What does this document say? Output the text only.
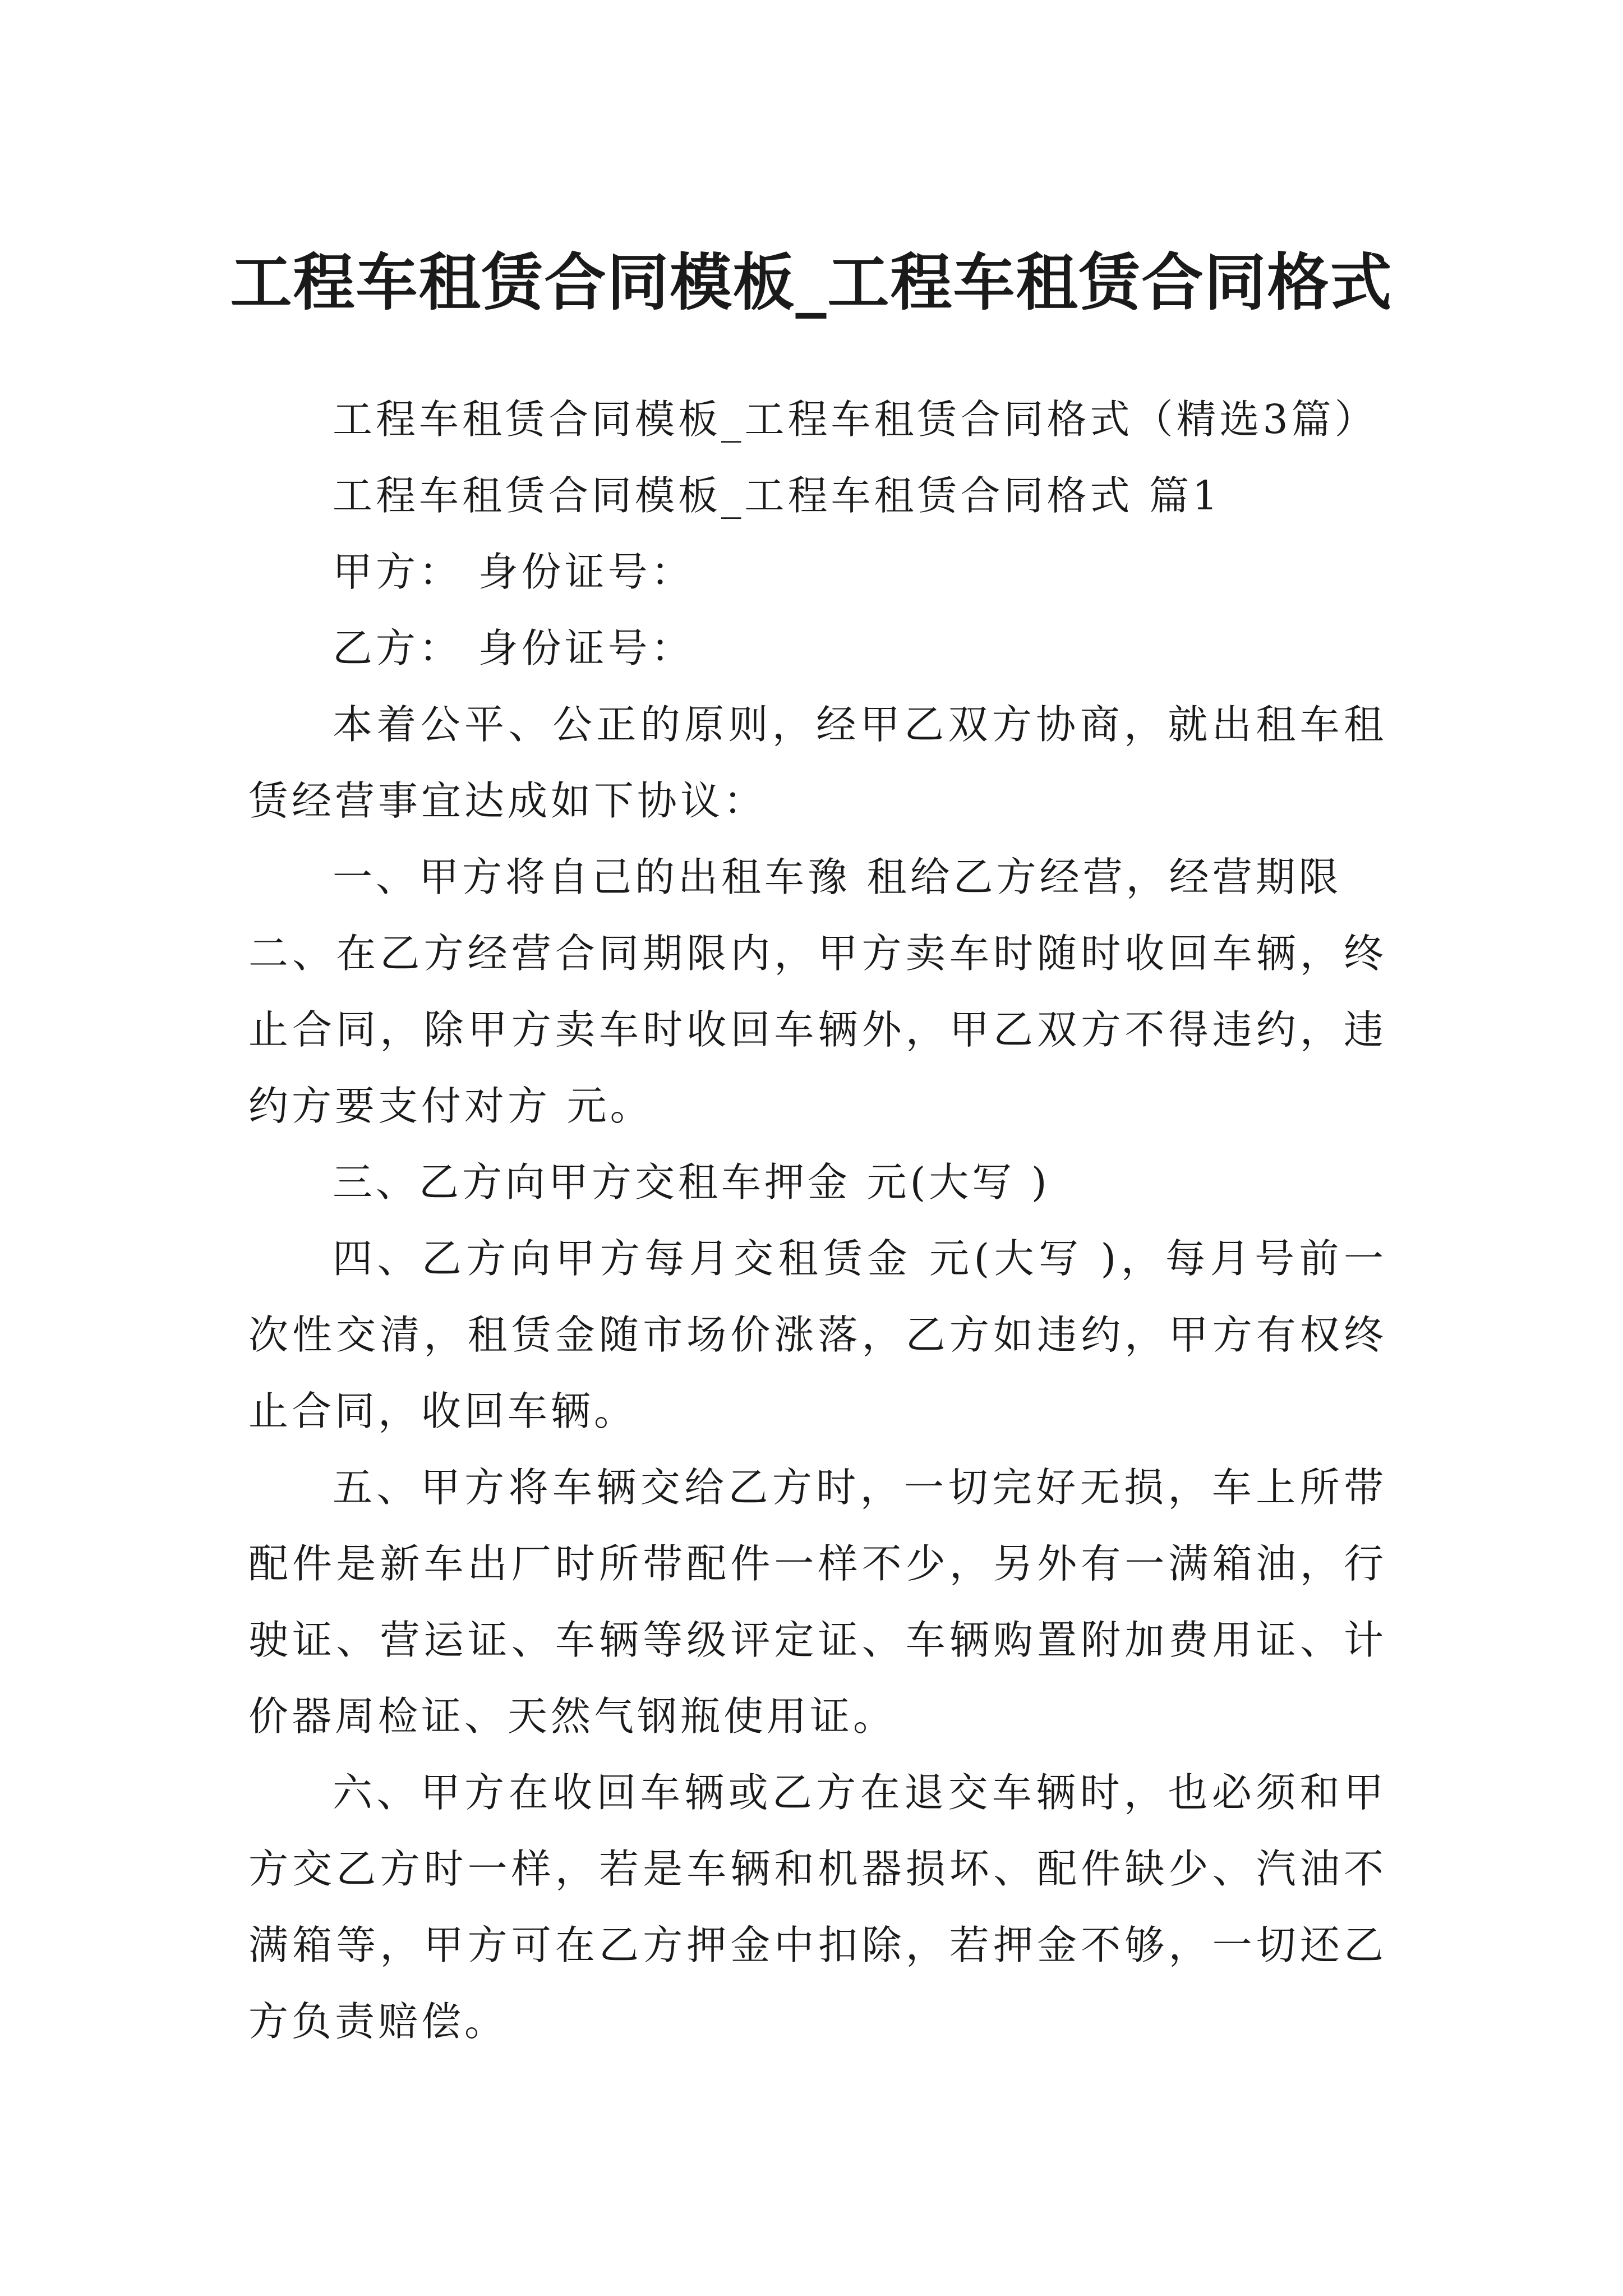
工程车租赁合同模板_工程车租赁合同格式

工程车租赁合同模板_工程车租赁合同格式（精选3篇）

工程车租赁合同模板_工程车租赁合同格式 篇1

甲方： 身份证号：

乙方： 身份证号：

本着公平、公正的原则，经甲乙双方协商，就出租车租赁经营事宜达成如下协议：

一、甲方将自己的出租车豫 租给乙方经营，经营期限

二、在乙方经营合同期限内，甲方卖车时随时收回车辆，终止合同，除甲方卖车时收回车辆外，甲乙双方不得违约，违约方要支付对方 元。

三、乙方向甲方交租车押金 元(大写 )

四、乙方向甲方每月交租赁金 元(大写 )，每月号前一次性交清，租赁金随市场价涨落，乙方如违约，甲方有权终止合同，收回车辆。

五、甲方将车辆交给乙方时，一切完好无损，车上所带配件是新车出厂时所带配件一样不少，另外有一满箱油，行驶证、营运证、车辆等级评定证、车辆购置附加费用证、计价器周检证、天然气钢瓶使用证。

六、甲方在收回车辆或乙方在退交车辆时，也必须和甲方交乙方时一样，若是车辆和机器损坏、配件缺少、汽油不满箱等，甲方可在乙方押金中扣除，若押金不够，一切还乙方负责赔偿。
